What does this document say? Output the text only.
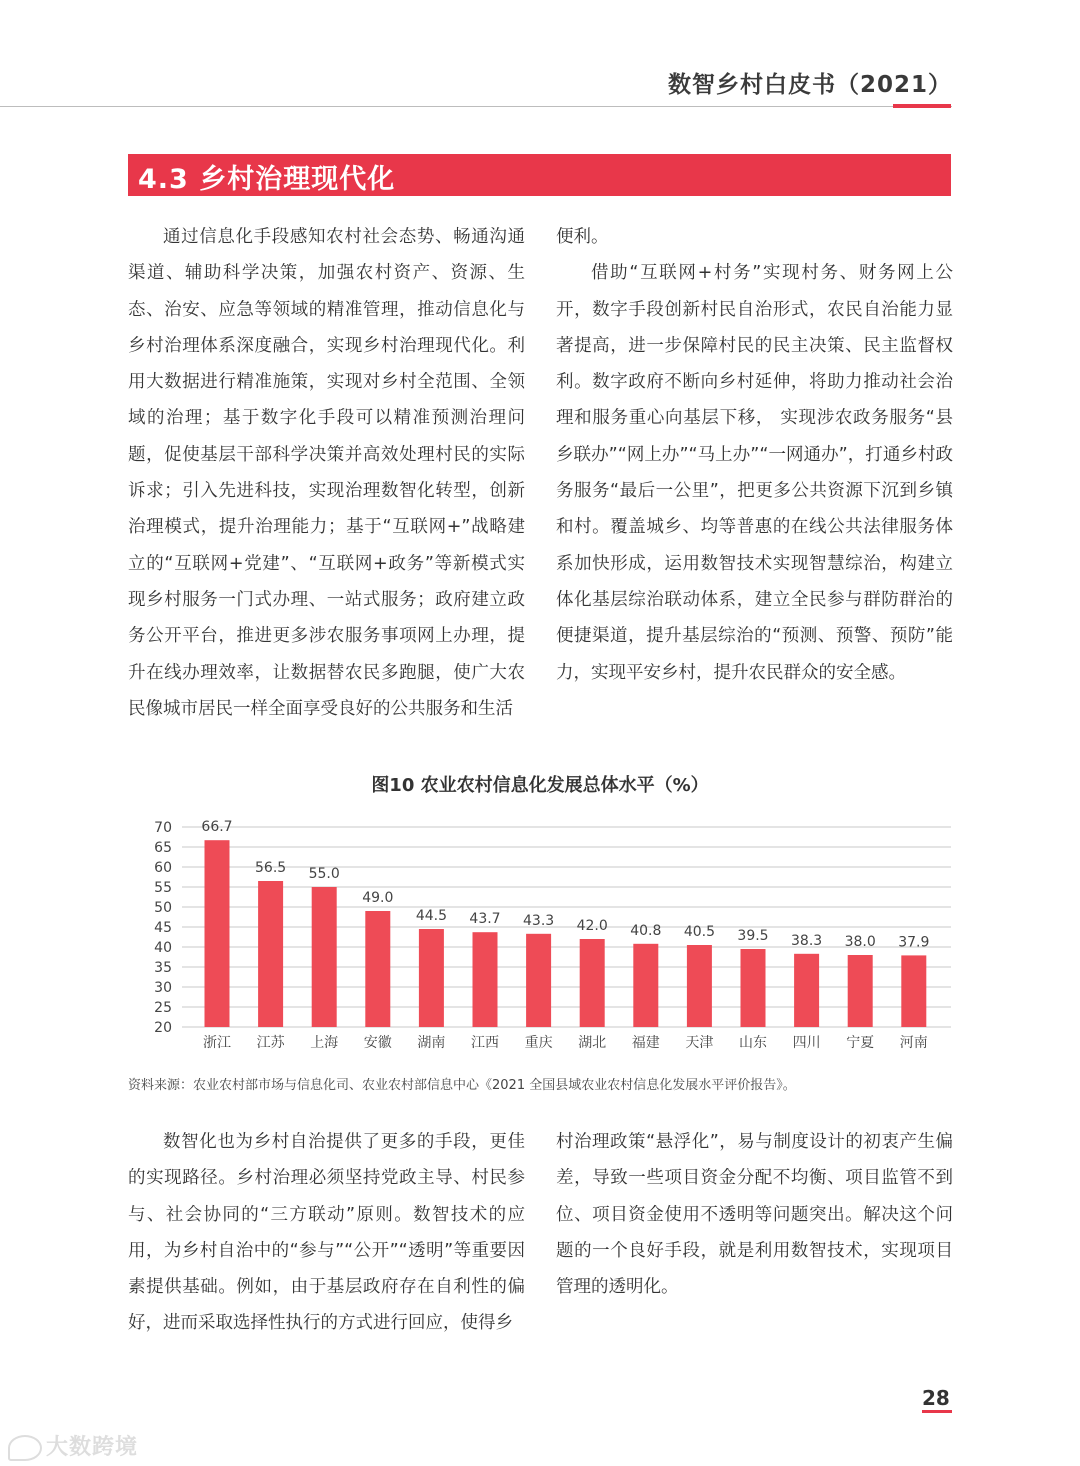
数智乡村白皮书（2021）
4.3 乡村治理现代化

通过信息化手段感知农村社会态势、畅通沟通渠道、辅助科学决策，加强农村资产、资源、生态、治安、应急等领域的精准管理，推动信息化与乡村治理体系深度融合，实现乡村治理现代化。利用大数据进行精准施策，实现对乡村全范围、全领域的治理；基于数字化手段可以精准预测治理问题，促使基层干部科学决策并高效处理村民的实际诉求；引入先进科技，实现治理数智化转型，创新治理模式，提升治理能力；基于“互联网+”战略建立的“互联网+党建”、“互联网+政务”等新模式实现乡村服务一门式办理、一站式服务；政府建立政务公开平台，推进更多涉农服务事项网上办理，提升在线办理效率，让数据替农民多跑腿，使广大农民像城市居民一样全面享受良好的公共服务和生活

便利。

借助“互联网+村务”实现村务、财务网上公开，数字手段创新村民自治形式，农民自治能力显著提高，进一步保障村民的民主决策、民主监督权利。数字政府不断向乡村延伸，将助力推动社会治理和服务重心向基层下移， 实现涉农政务服务“县乡联办”“网上办”“马上办”“一网通办”，打通乡村政务服务“最后一公里”，把更多公共资源下沉到乡镇和村。覆盖城乡、均等普惠的在线公共法律服务体系加快形成，运用数智技术实现智慧综治，构建立体化基层综治联动体系，建立全民参与群防群治的便捷渠道，提升基层综治的“预测、预警、预防”能力，实现平安乡村，提升农民群众的安全感。

图10 农业农村信息化发展总体水平（%）
20
25
30
35
40
45
50
55
60
65
70 66.7
浙江
56.5
江苏
55.0
上海
49.0
安徽
44.5
湖南
43.7
江西
43.3
重庆
42.0
湖北
40.8
福建
40.5
天津
39.5
山东
38.3
四川
38.0
宁夏
37.9
河南
资料来源：农业农村部市场与信息化司、农业农村部信息中心《2021 全国县域农业农村信息化发展水平评价报告》。

数智化也为乡村自治提供了更多的手段，更佳的实现路径。乡村治理必须坚持党政主导、村民参与、社会协同的“三方联动”原则。数智技术的应用，为乡村自治中的“参与”“公开”“透明”等重要因素提供基础。例如，由于基层政府存在自利性的偏好，进而采取选择性执行的方式进行回应，使得乡

村治理政策“悬浮化”，易与制度设计的初衷产生偏差，导致一些项目资金分配不均衡、项目监管不到位、项目资金使用不透明等问题突出。解决这个问题的一个良好手段，就是利用数智技术，实现项目管理的透明化。

28
大数跨境
